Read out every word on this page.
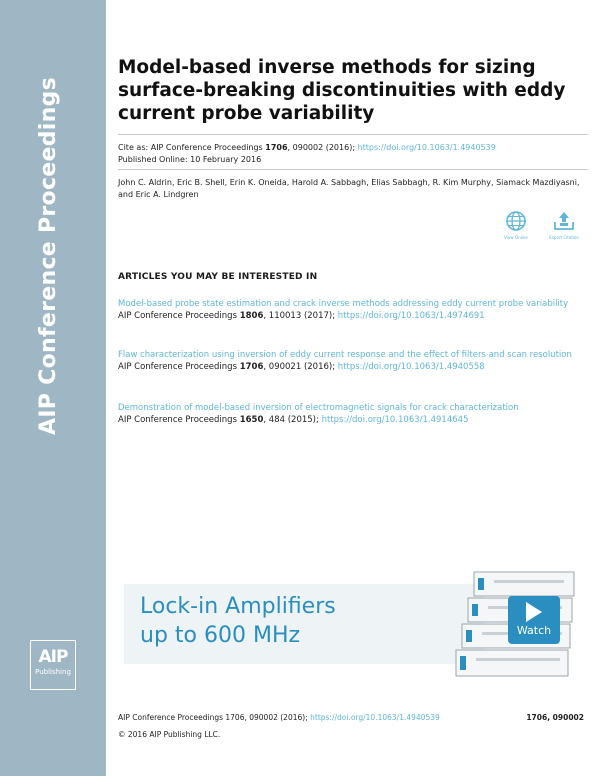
AIP Conference Proceedings
AIP
Publishing
Model-based inverse methods for sizing surface-breaking discontinuities with eddy current probe variability
Cite as: AIP Conference Proceedings 1706, 090002 (2016); https://doi.org/10.1063/1.4940539
Published Online: 10 February 2016
John C. Aldrin, Eric B. Shell, Erin K. Oneida, Harold A. Sabbagh, Elias Sabbagh, R. Kim Murphy, Siamack Mazdiyasni, and Eric A. Lindgren
View Online	Export Citation
ARTICLES YOU MAY BE INTERESTED IN
Model-based probe state estimation and crack inverse methods addressing eddy current probe variability
AIP Conference Proceedings 1806, 110013 (2017); https://doi.org/10.1063/1.4974691
Flaw characterization using inversion of eddy current response and the effect of filters and scan resolution
AIP Conference Proceedings 1706, 090021 (2016); https://doi.org/10.1063/1.4940558
Demonstration of model-based inversion of electromagnetic signals for crack characterization
AIP Conference Proceedings 1650, 484 (2015); https://doi.org/10.1063/1.4914645
Lock-in Amplifiers
up to 600 MHz	Watch
AIP Conference Proceedings 1706, 090002 (2016); https://doi.org/10.1063/1.4940539	1706, 090002
© 2016 AIP Publishing LLC.
